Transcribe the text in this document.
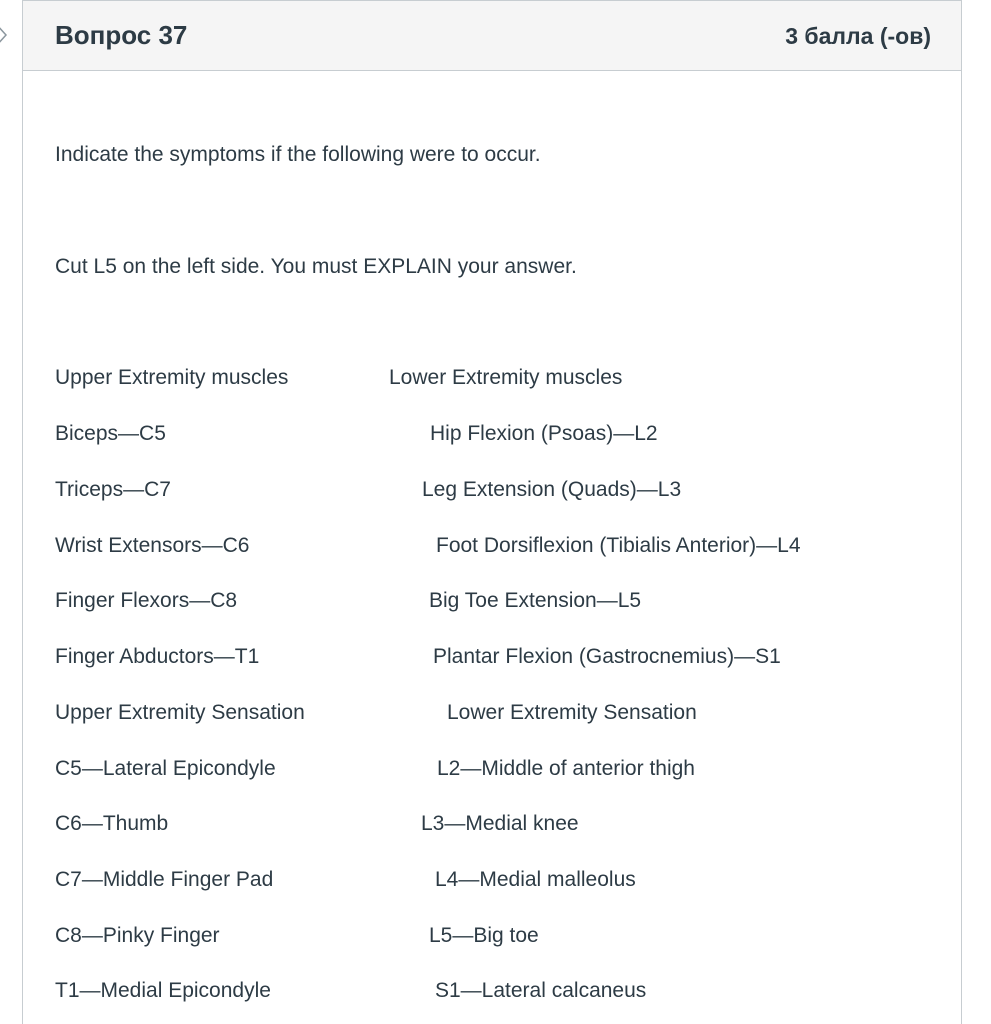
Вопрос 37	3 балла (-ов)
Indicate the symptoms if the following were to occur.
Cut L5 on the left side. You must EXPLAIN your answer.
Upper Extremity muscles
Biceps—C5
Triceps—C7
Wrist Extensors—C6
Finger Flexors—C8
Finger Abductors—T1
Upper Extremity Sensation
C5—Lateral Epicondyle
C6—Thumb
C7—Middle Finger Pad
C8—Pinky Finger
T1—Medial Epicondyle
Lower Extremity muscles
Hip Flexion (Psoas)—L2
Leg Extension (Quads)—L3
Foot Dorsiflexion (Tibialis Anterior)—L4
Big Toe Extension—L5
Plantar Flexion (Gastrocnemius)—S1
Lower Extremity Sensation
L2—Middle of anterior thigh
L3—Medial knee
L4—Medial malleolus
L5—Big toe
S1—Lateral calcaneus
